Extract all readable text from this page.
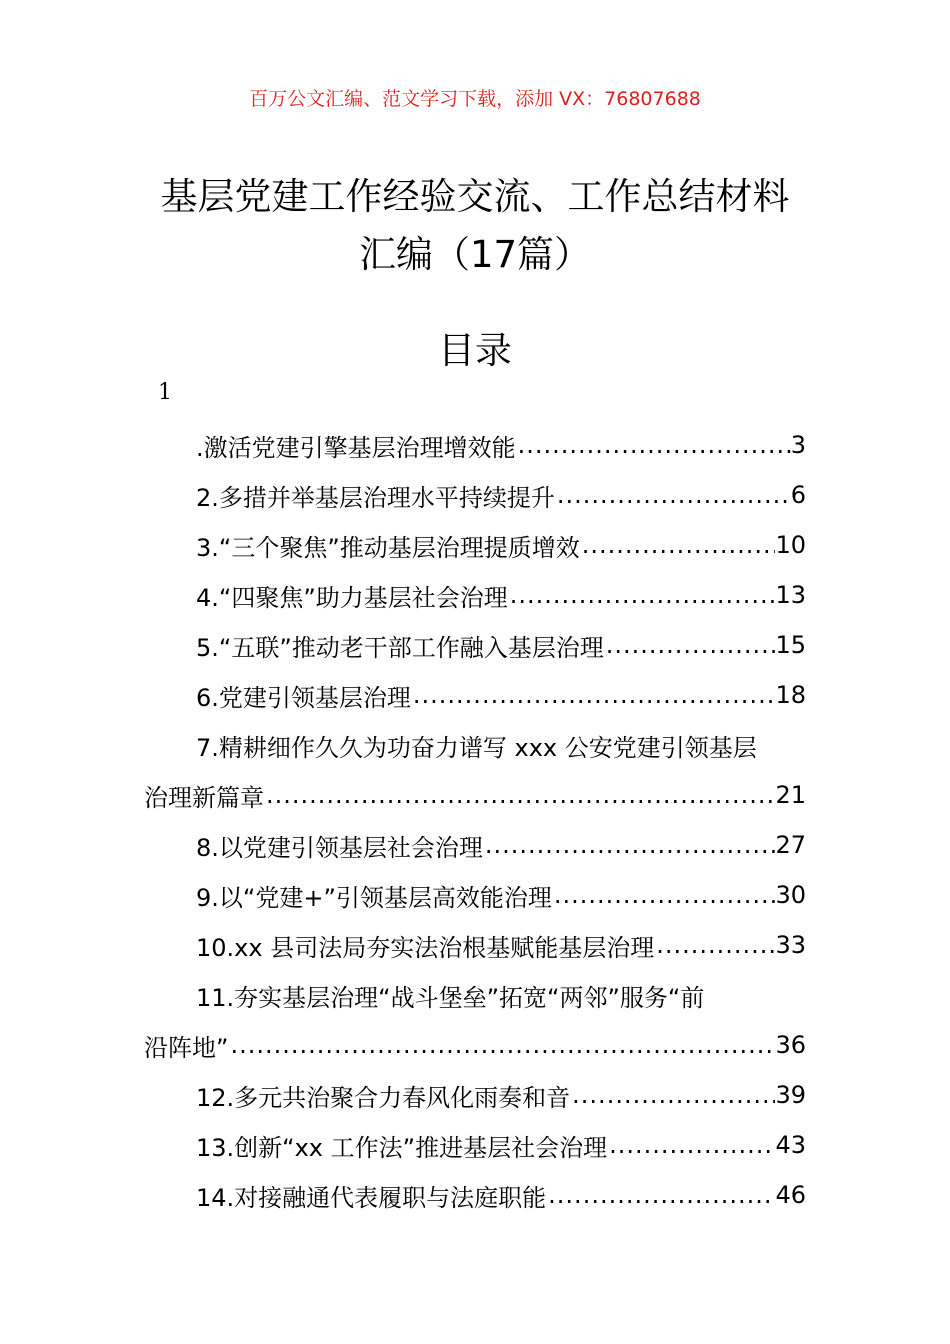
百万公文汇编、范文学习下载，添加 VX：76807688
基层党建工作经验交流、工作总结材料汇编（17篇）
目录
1
.激活党建引擎基层治理增效能 .....	3
2.多措并举基层治理水平持续提升 .....	6
3.“三个聚焦”推动基层治理提质增效 .....	10
4.“四聚焦”助力基层社会治理 .....	13
5.“五联”推动老干部工作融入基层治理 .....	15
6.党建引领基层治理 .....	18
7.精耕细作久久为功奋力谱写 xxx 公安党建引领基层
治理新篇章 .....	21
8.以党建引领基层社会治理 .....	27
9.以“党建+”引领基层高效能治理 .....	30
10.xx 县司法局夯实法治根基赋能基层治理 .....	33
11.夯实基层治理“战斗堡垒”拓宽“两邻”服务“前
沿阵地” .....	36
12.多元共治聚合力春风化雨奏和音 .....	39
13.创新“xx 工作法”推进基层社会治理 .....	43
14.对接融通代表履职与法庭职能 .....	46
